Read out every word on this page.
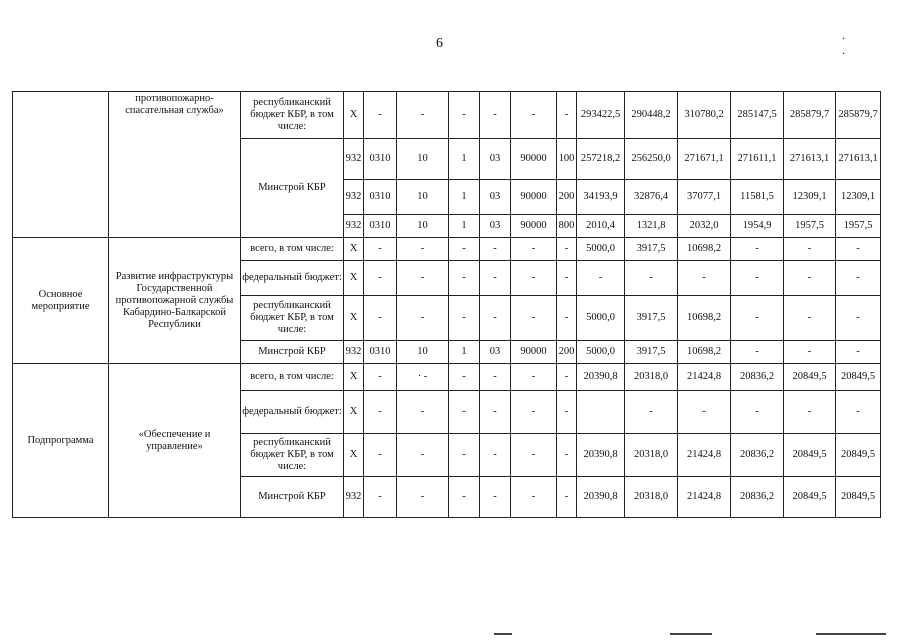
6
. .
	противопожарно-спасательная служба»	республиканский бюджет КБР, в том числе:	X	-	-	-	-	-	-	293422,5	290448,2	310780,2	285147,5	285879,7	285879,7
		Минстрой КБР	932	0310	10	1	03	90000	100	257218,2	256250,0	271671,1	271611,1	271613,1	271613,1
			932	0310	10	1	03	90000	200	34193,9	32876,4	37077,1	11581,5	12309,1	12309,1
			932	0310	10	1	03	90000	800	2010,4	1321,8	2032,0	1954,9	1957,5	1957,5
Основное мероприятие	Развитие инфраструктуры Государственной противопожарной службы Кабардино-Балкарской Республики	всего, в том числе:	X	-	-	-	-	-	-	5000,0	3917,5	10698,2	-	-	-
		федеральный бюджет:	X	-	-	-	-	-	-	-	-	-	-	-	-
		республиканский бюджет КБР, в том числе:	X	-	-	-	-	-	-	5000,0	3917,5	10698,2	-	-	-
		Минстрой КБР	932	0310	10	1	03	90000	200	5000,0	3917,5	10698,2	-	-	-
Подпрограмма	«Обеспечение и управление»	всего, в том числе:	X	-	· -	-	-	-	-	20390,8	20318,0	21424,8	20836,2	20849,5	20849,5
		федеральный бюджет:	X	-	-	-	-	-	-		-	-	-	-	-
		республиканский бюджет КБР, в том числе:	X	-	-	-	-	-	-	20390,8	20318,0	21424,8	20836,2	20849,5	20849,5
		Минстрой КБР	932	-	-	-	-	-	-	20390,8	20318,0	21424,8	20836,2	20849,5	20849,5
